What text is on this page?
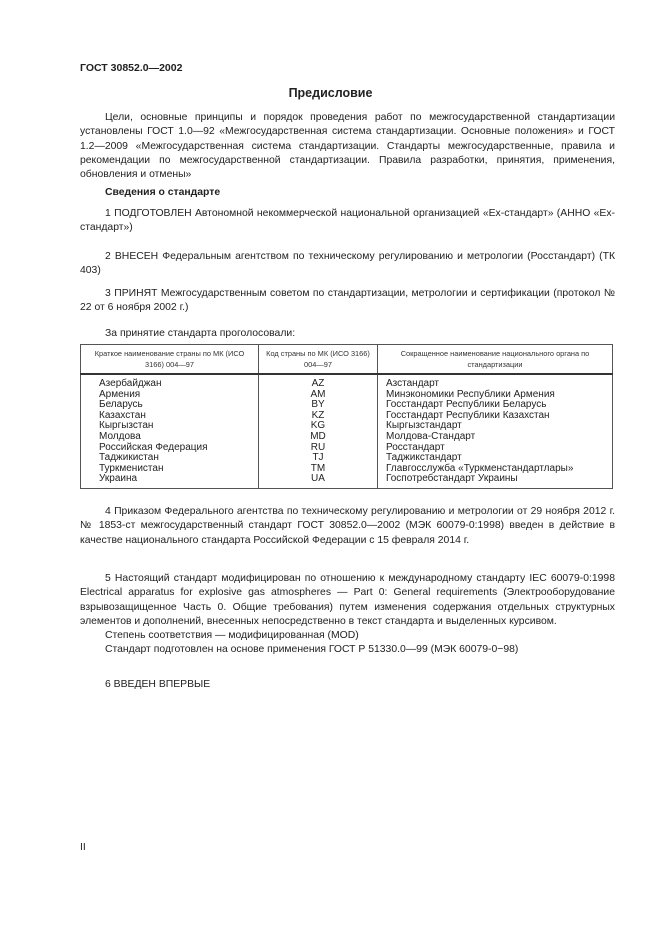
ГОСТ 30852.0—2002
Предисловие
Цели, основные принципы и порядок проведения работ по межгосударственной стандартизации установлены ГОСТ 1.0—92 «Межгосударственная система стандартизации. Основные положения» и ГОСТ 1.2—2009 «Межгосударственная система стандартизации. Стандарты межгосударственные, правила и рекомендации по межгосударственной стандартизации. Правила разработки, принятия, применения, обновления и отмены»
Сведения о стандарте
1 ПОДГОТОВЛЕН Автономной некоммерческой национальной организацией «Ех-стандарт» (АННО «Ех-стандарт»)
2 ВНЕСЕН Федеральным агентством по техническому регулированию и метрологии (Росстандарт) (ТК 403)
3 ПРИНЯТ Межгосударственным советом по стандартизации, метрологии и сертификации (протокол № 22 от 6 ноября 2002 г.)
За принятие стандарта проголосовали:
Краткое наименование страны по МК (ИСО 3166) 004—97	Код страны по МК (ИСО 3166) 004—97	Сокращенное наименование национального органа по стандартизации
Азербайджан	AZ	Азстандарт
Армения	AM	Минэкономики Республики Армения
Беларусь	BY	Госстандарт Республики Беларусь
Казахстан	KZ	Госстандарт Республики Казахстан
Кыргызстан	KG	Кыргызстандарт
Молдова	MD	Молдова-Стандарт
Российская Федерация	RU	Росстандарт
Таджикистан	TJ	Таджикстандарт
Туркменистан	TM	Главгосслужба «Туркменстандартлары»
Украина	UA	Госпотребстандарт Украины
4 Приказом Федерального агентства по техническому регулированию и метрологии от 29 ноября 2012 г. № 1853-ст межгосударственный стандарт ГОСТ 30852.0—2002 (МЭК 60079-0:1998) введен в действие в качестве национального стандарта Российской Федерации с 15 февраля 2014 г.
5 Настоящий стандарт модифицирован по отношению к международному стандарту IEC 60079-0:1998 Electrical apparatus for explosive gas atmospheres — Part 0: General requirements (Электрооборудование взрывозащищенное Часть 0. Общие требования) путем изменения содержания отдельных структурных элементов и дополнений, внесенных непосредственно в текст стандарта и выделенных курсивом.
Степень соответствия — модифицированная (MOD)
Стандарт подготовлен на основе применения ГОСТ Р 51330.0—99 (МЭК 60079-0−98)
6 ВВЕДЕН ВПЕРВЫЕ
II
